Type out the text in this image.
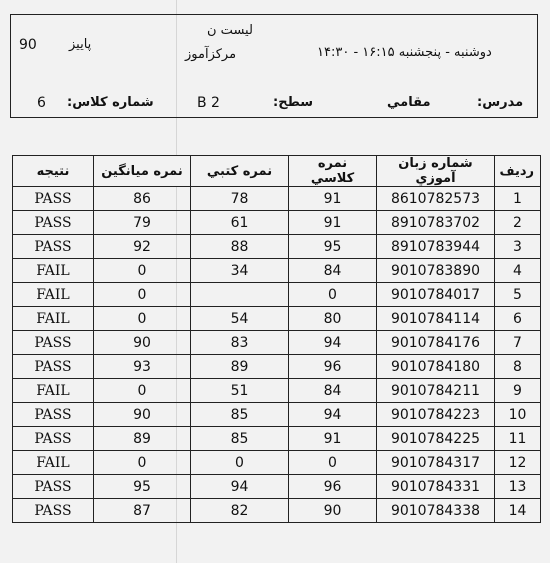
90 پاییز
لیست ن
مرکزآموز	دوشنبه - پنجشنبه ۱۶:۱۵ - ۱۴:۳۰
6 شماره کلاس:	B 2	سطح:	مقامي	مدرس:
ردیف	شماره زبان آموزي	نمره کلاسي	نمره کتبي	نمره میانگین	نتیجه
1	8610782573	91	78	86	PASS
2	8910783702	91	61	79	PASS
3	8910783944	95	88	92	PASS
4	9010783890	84	34	0	FAIL
5	9010784017	0		0	FAIL
6	9010784114	80	54	0	FAIL
7	9010784176	94	83	90	PASS
8	9010784180	96	89	93	PASS
9	9010784211	84	51	0	FAIL
10	9010784223	94	85	90	PASS
11	9010784225	91	85	89	PASS
12	9010784317	0	0	0	FAIL
13	9010784331	96	94	95	PASS
14	9010784338	90	82	87	PASS
